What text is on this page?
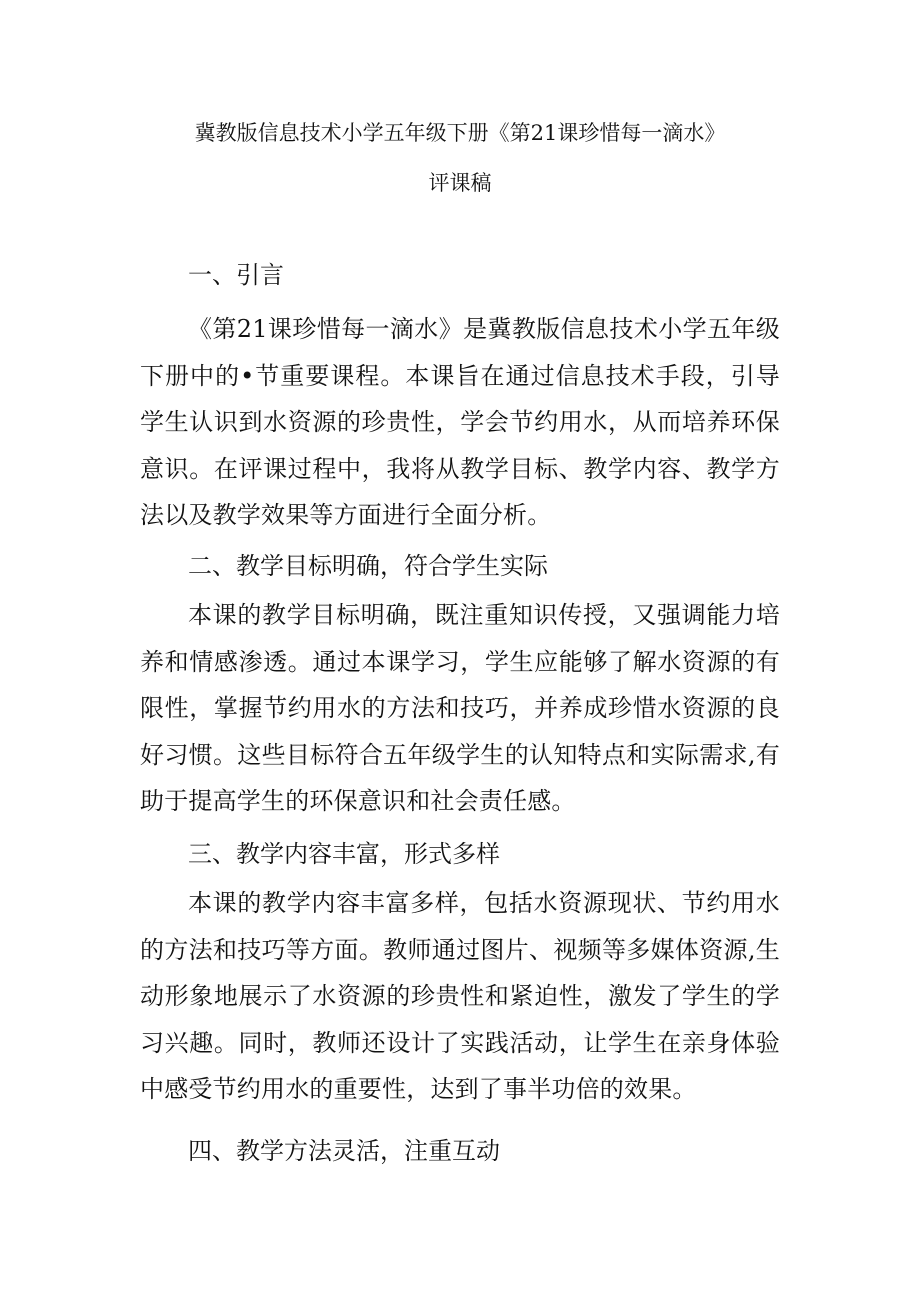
冀教版信息技术小学五年级下册《第21课珍惜每一滴水》
评课稿
一、引言
《第21课珍惜每一滴水》是冀教版信息技术小学五年级下册中的•节重要课程。本课旨在通过信息技术手段，引导学生认识到水资源的珍贵性，学会节约用水，从而培养环保意识。在评课过程中，我将从教学目标、教学内容、教学方法以及教学效果等方面进行全面分析。
二、教学目标明确，符合学生实际
本课的教学目标明确，既注重知识传授，又强调能力培养和情感渗透。通过本课学习，学生应能够了解水资源的有限性，掌握节约用水的方法和技巧，并养成珍惜水资源的良好习惯。这些目标符合五年级学生的认知特点和实际需求,有助于提高学生的环保意识和社会责任感。
三、教学内容丰富，形式多样
本课的教学内容丰富多样，包括水资源现状、节约用水的方法和技巧等方面。教师通过图片、视频等多媒体资源,生动形象地展示了水资源的珍贵性和紧迫性，激发了学生的学习兴趣。同时，教师还设计了实践活动，让学生在亲身体验中感受节约用水的重要性，达到了事半功倍的效果。
四、教学方法灵活，注重互动
